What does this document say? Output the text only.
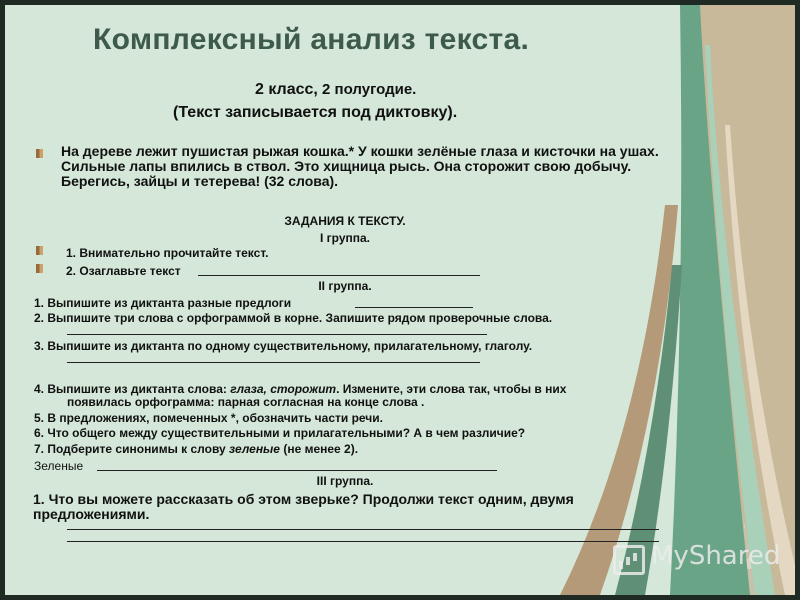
Комплексный анализ текста.
2 класс, 2 полугодие.
(Текст записывается под диктовку).
На дереве лежит пушистая рыжая кошка.* У кошки зелёные глаза и кисточки на ушах. Сильные лапы впились в ствол. Это хищница рысь. Она сторожит свою добычу. Берегись, зайцы и тетерева! (32 слова).
ЗАДАНИЯ К ТЕКСТУ.
I группа.
1. Внимательно прочитайте текст.
2. Озаглавьте текст
II группа.
1. Выпишите из диктанта разные предлоги
2. Выпишите три слова с орфограммой в корне. Запишите рядом проверочные слова.
3. Выпишите из диктанта по одному существительному, прилагательному, глаголу.
4. Выпишите из диктанта слова: глаза, сторожит. Измените, эти слова так, чтобы в них
появилась орфограмма: парная согласная на конце слова .
5. В предложениях, помеченных *, обозначить части речи.
6. Что общего между существительными и прилагательными? А в чем различие?
7. Подберите синонимы к слову зеленые (не менее 2).
Зеленые
III группа.
1. Что вы можете рассказать об этом зверьке? Продолжи текст одним, двумя предложениями.
MyShared
